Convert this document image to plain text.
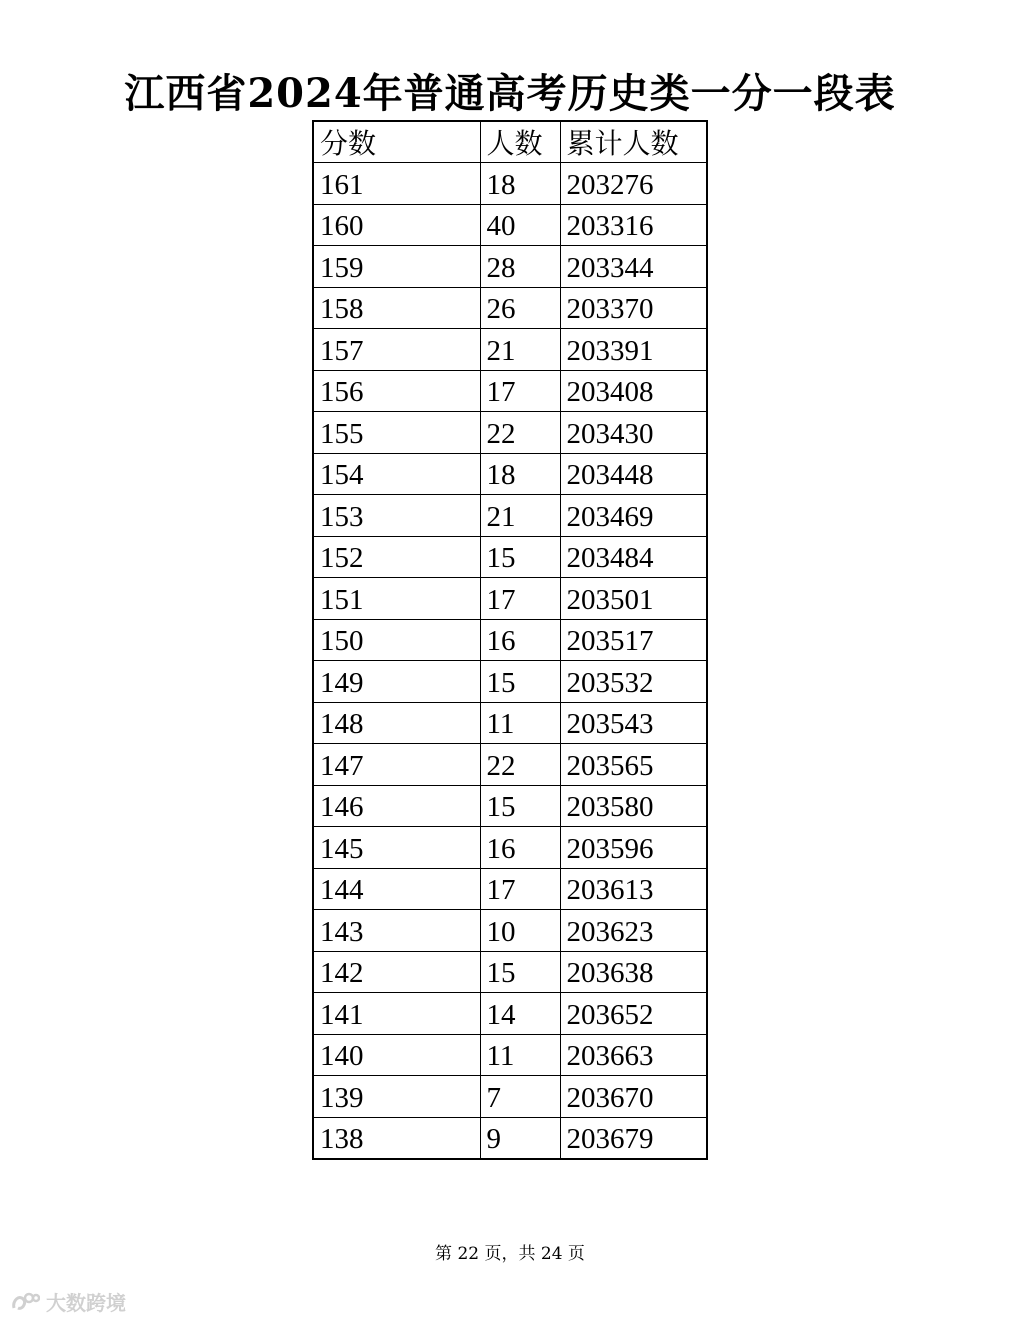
江西省2024年普通高考历史类一分一段表
分数	人数	累计人数
161	18	203276
160	40	203316
159	28	203344
158	26	203370
157	21	203391
156	17	203408
155	22	203430
154	18	203448
153	21	203469
152	15	203484
151	17	203501
150	16	203517
149	15	203532
148	11	203543
147	22	203565
146	15	203580
145	16	203596
144	17	203613
143	10	203623
142	15	203638
141	14	203652
140	11	203663
139	7	203670
138	9	203679
第 22 页，共 24 页
大数跨境
